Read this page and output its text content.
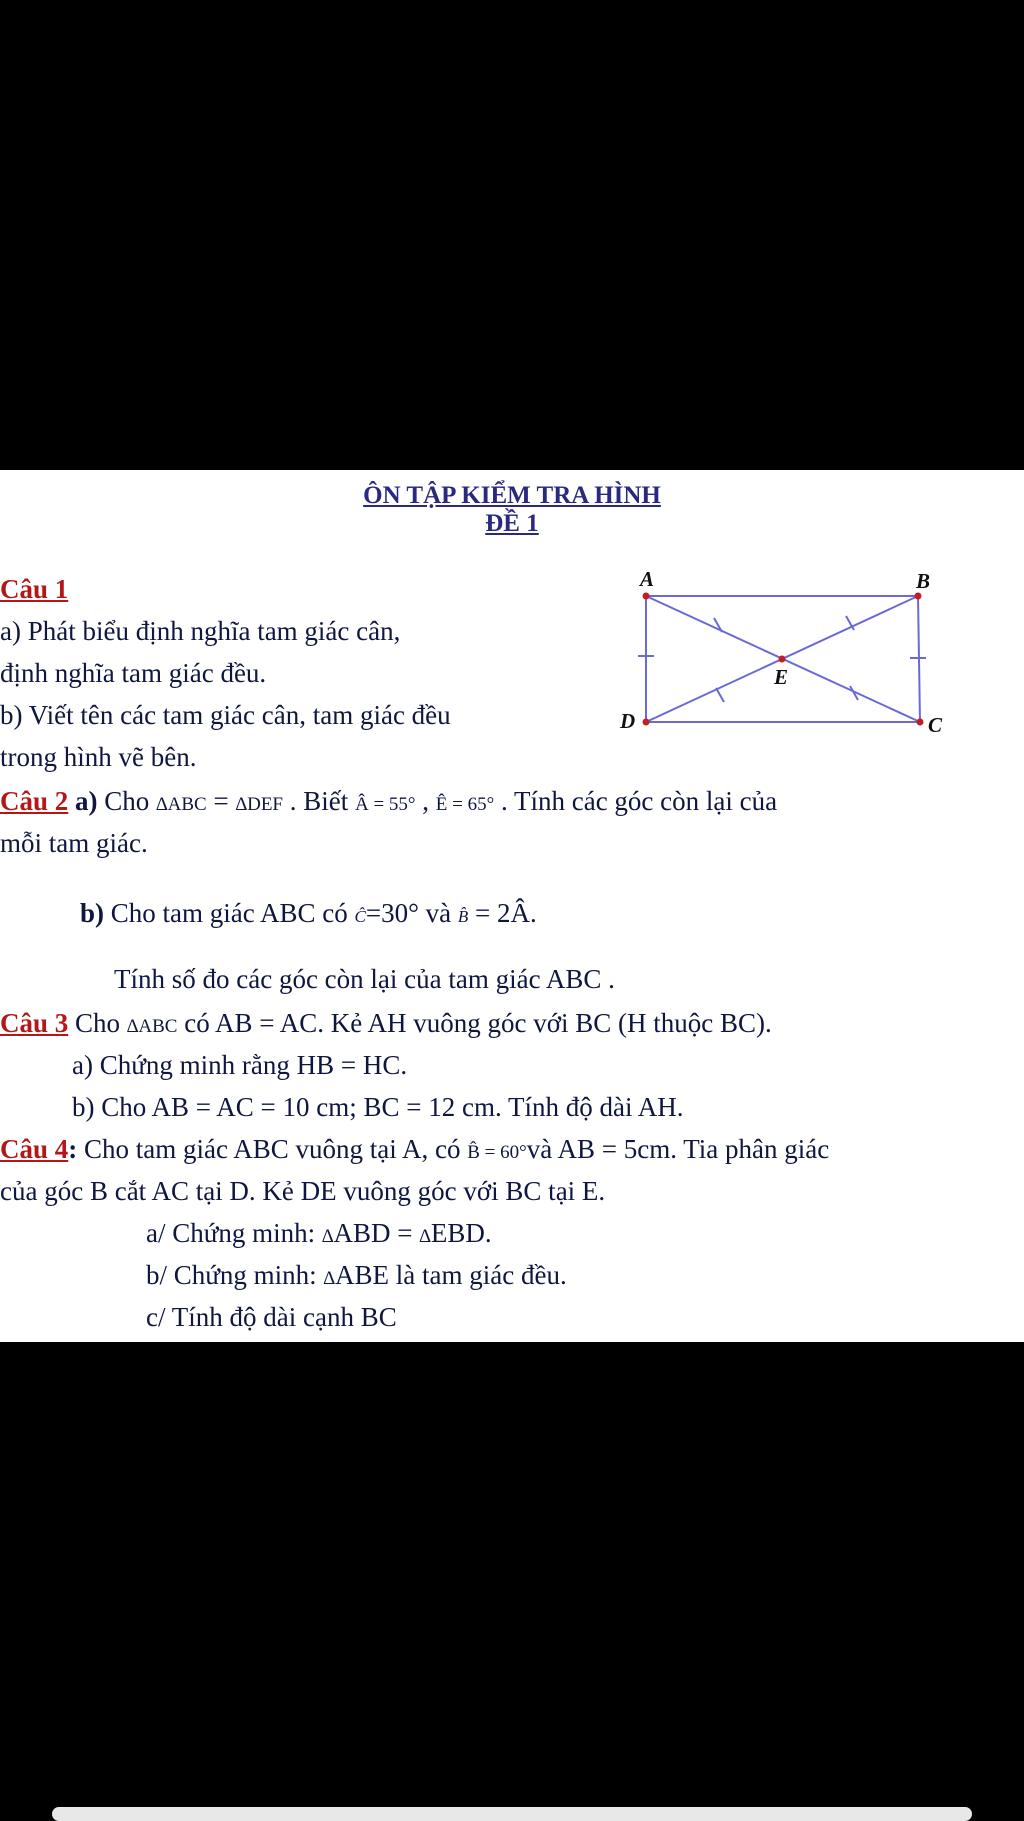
ÔN TẬP KIỂM TRA HÌNH
ĐỀ 1
Câu 1
a) Phát biểu định nghĩa tam giác cân,
định nghĩa tam giác đều.
b) Viết tên các tam giác cân, tam giác đều
trong hình vẽ bên.
A	B
C
D
E
Câu 2 a) Cho ∆ABC = ∆DEF . Biết Â = 55° , Ê = 65° . Tính các góc còn lại của
mỗi tam giác.
b) Cho tam giác ABC có Ĉ=30° và B̂ = 2Â.
Tính số đo các góc còn lại của tam giác ABC .
Câu 3 Cho ∆ABC có AB = AC. Kẻ AH vuông góc với BC (H thuộc BC).
a) Chứng minh rằng HB = HC.
b) Cho AB = AC = 10 cm; BC = 12 cm. Tính độ dài AH.
Câu 4: Cho tam giác ABC vuông tại A, có B̂ = 60°và AB = 5cm. Tia phân giác
của góc B cắt AC tại D. Kẻ DE vuông góc với BC tại E.
a/ Chứng minh: ∆ABD = ∆EBD.
b/ Chứng minh: ∆ABE là tam giác đều.
c/ Tính độ dài cạnh BC
